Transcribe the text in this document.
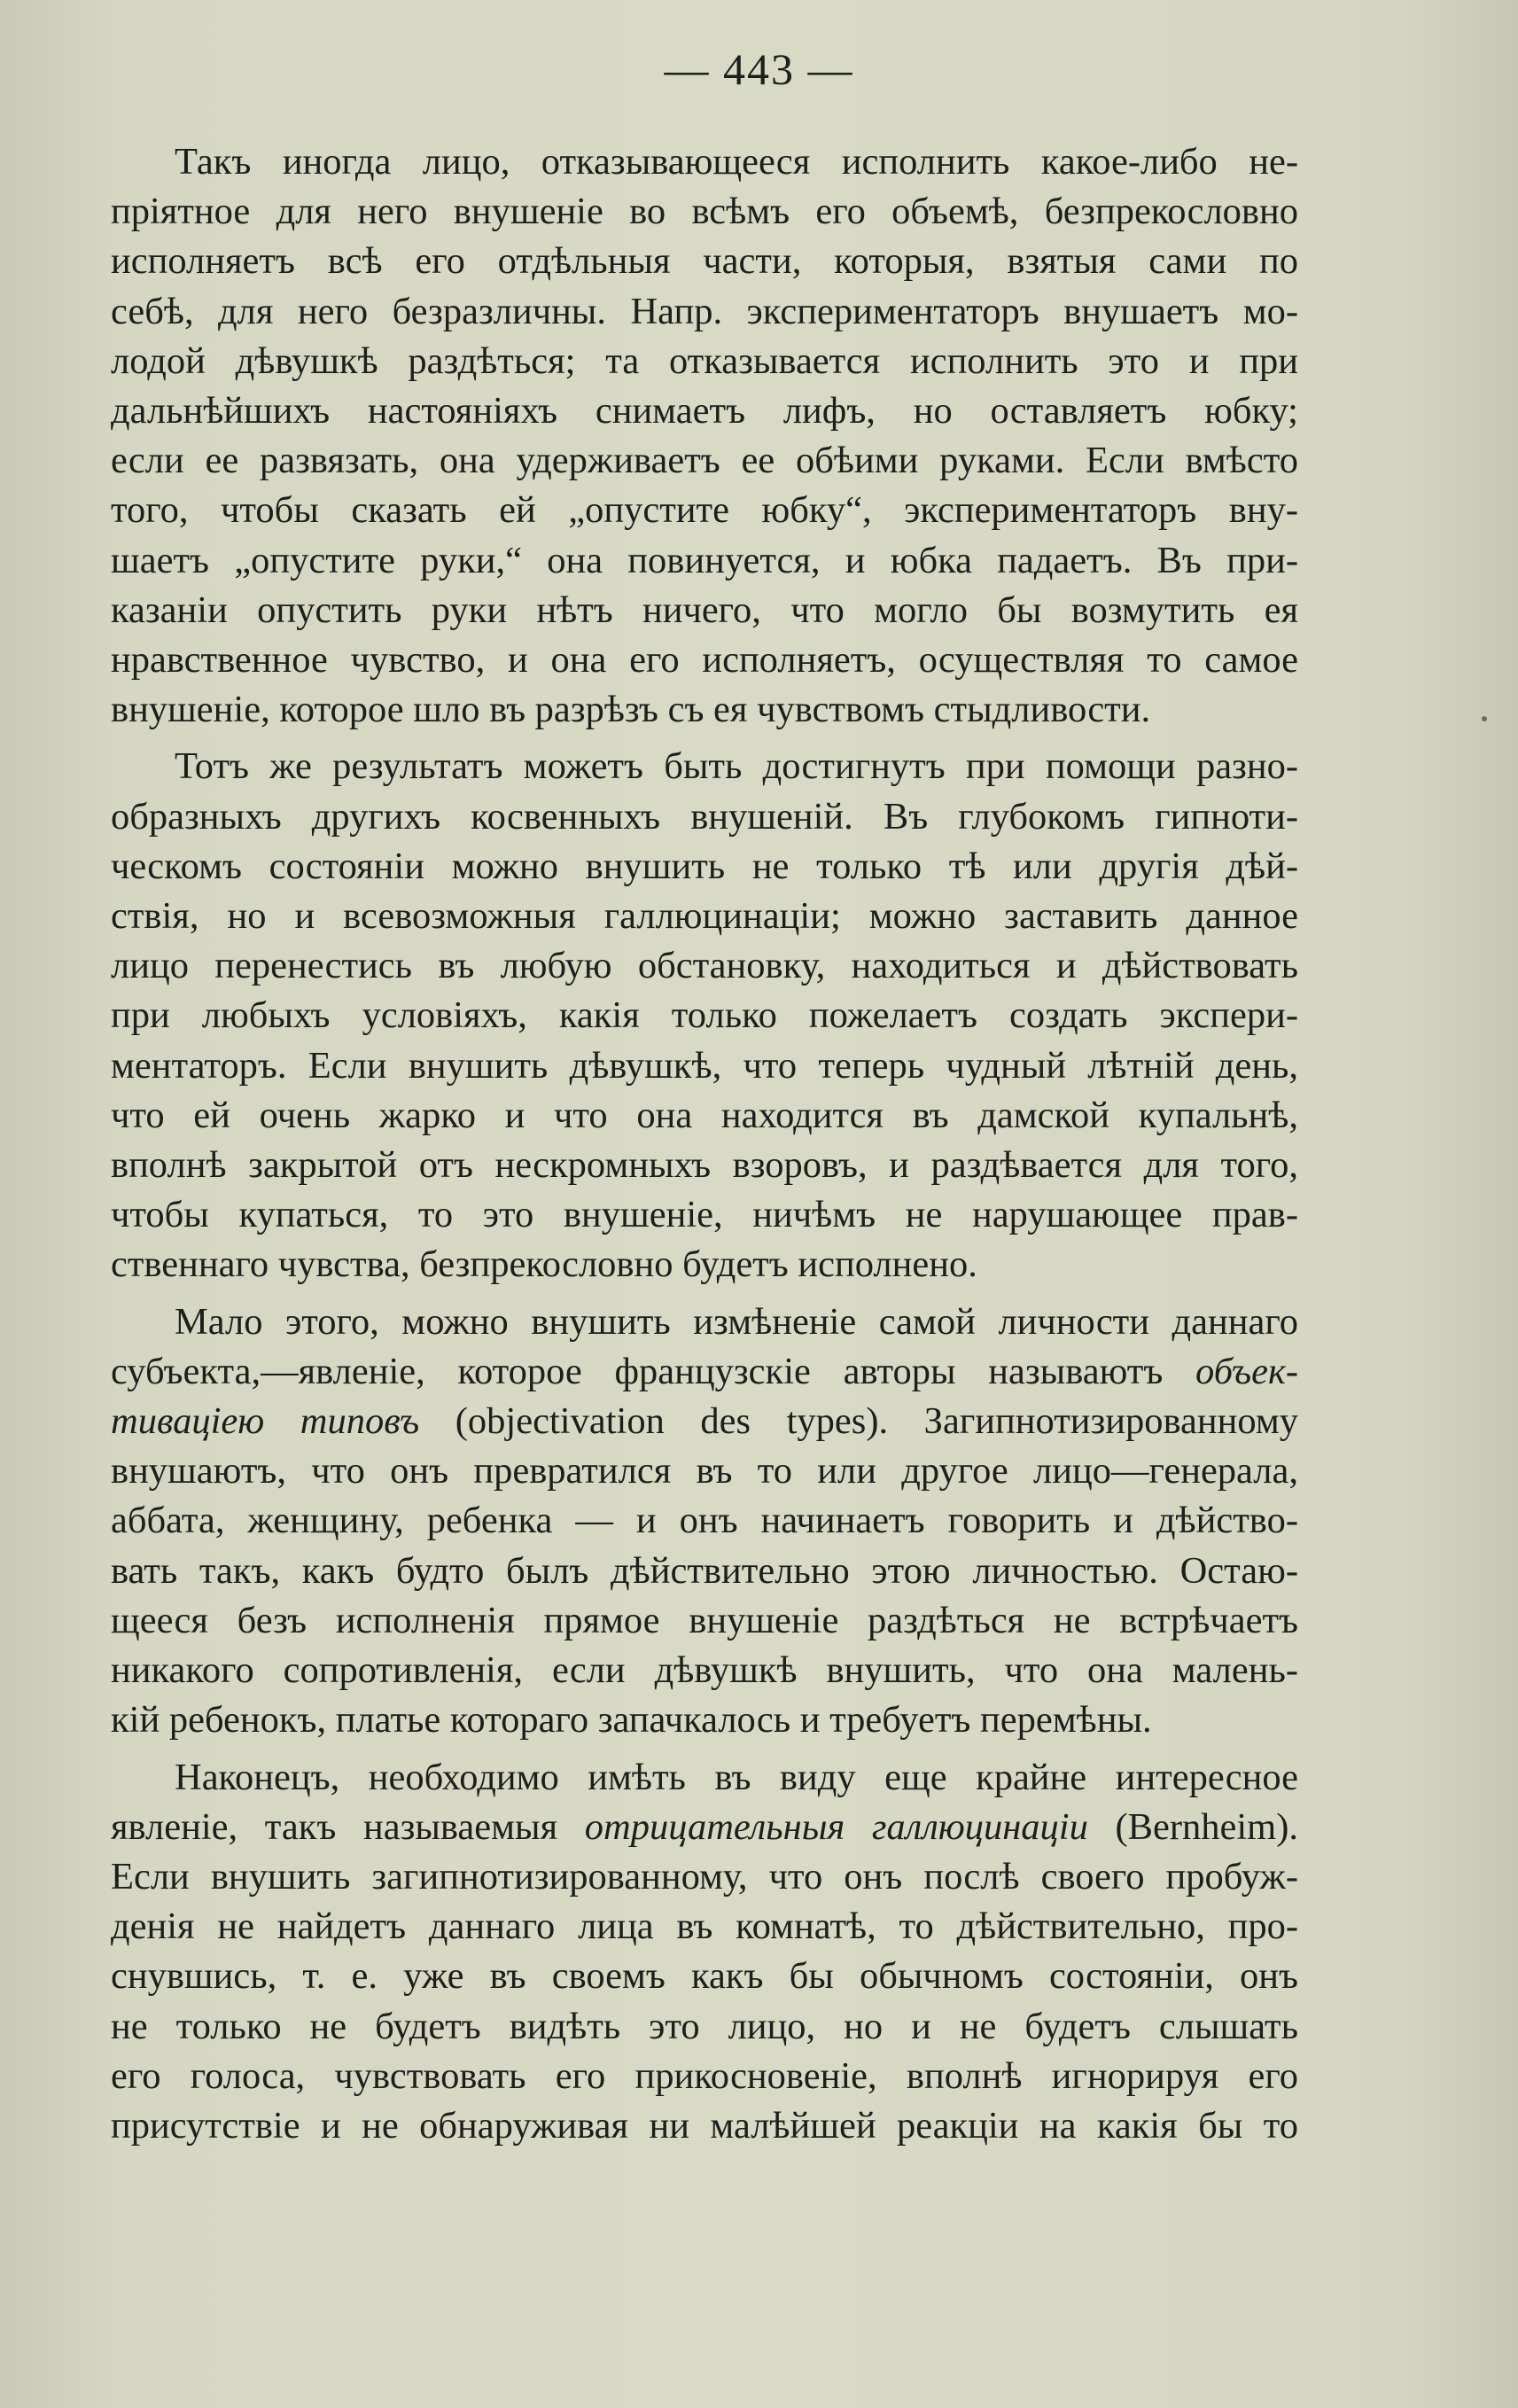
— 443 —

Такъ иногда лицо, отказывающееся исполнить какое-либо не-
пріятное для него внушеніе во всѣмъ его объемѣ, безпрекословно
исполняетъ всѣ его отдѣльныя части, которыя, взятыя сами по
себѣ, для него безразличны. Напр. экспериментаторъ внушаетъ мо-
лодой дѣвушкѣ раздѣться; та отказывается исполнить это и при
дальнѣйшихъ настояніяхъ снимаетъ лифъ, но оставляетъ юбку;
если ее развязать, она удерживаетъ ее обѣими руками. Если вмѣсто
того, чтобы сказать ей „опустите юбку“, экспериментаторъ вну-
шаетъ „опустите руки,“ она повинуется, и юбка падаетъ. Въ при-
казаніи опустить руки нѣтъ ничего, что могло бы возмутить ея
нравственное чувство, и она его исполняетъ, осуществляя то самое
внушеніе, которое шло въ разрѣзъ съ ея чувствомъ стыдливости.

Тотъ же результатъ можетъ быть достигнутъ при помощи разно-
образныхъ другихъ косвенныхъ внушеній. Въ глубокомъ гипноти-
ческомъ состояніи можно внушить не только тѣ или другія дѣй-
ствія, но и всевозможныя галлюцинаціи; можно заставить данное
лицо перенестись въ любую обстановку, находиться и дѣйствовать
при любыхъ условіяхъ, какія только пожелаетъ создать экспери-
ментаторъ. Если внушить дѣвушкѣ, что теперь чудный лѣтній день,
что ей очень жарко и что она находится въ дамской купальнѣ,
вполнѣ закрытой отъ нескромныхъ взоровъ, и раздѣвается для того,
чтобы купаться, то это внушеніе, ничѣмъ не нарушающее прав-
ственнаго чувства, безпрекословно будетъ исполнено.

Мало этого, можно внушить измѣненіе самой личности даннаго
субъекта,—явленіе, которое французскіе авторы называютъ объек-
тиваціею типовъ (objectivation des types). Загипнотизированному
внушаютъ, что онъ превратился въ то или другое лицо—генерала,
аббата, женщину, ребенка — и онъ начинаетъ говорить и дѣйство-
вать такъ, какъ будто былъ дѣйствительно этою личностью. Остаю-
щееся безъ исполненія прямое внушеніе раздѣться не встрѣчаетъ
никакого сопротивленія, если дѣвушкѣ внушить, что она малень-
кій ребенокъ, платье котораго запачкалось и требуетъ перемѣны.

Наконецъ, необходимо имѣть въ виду еще крайне интересное
явленіе, такъ называемыя отрицательныя галлюцинаціи (Bernheim).
Если внушить загипнотизированному, что онъ послѣ своего пробуж-
денія не найдетъ даннаго лица въ комнатѣ, то дѣйствительно, про-
снувшись, т. е. уже въ своемъ какъ бы обычномъ состояніи, онъ
не только не будетъ видѣть это лицо, но и не будетъ слышать
его голоса, чувствовать его прикосновеніе, вполнѣ игнорируя его
присутствіе и не обнаруживая ни малѣйшей реакціи на какія бы то
